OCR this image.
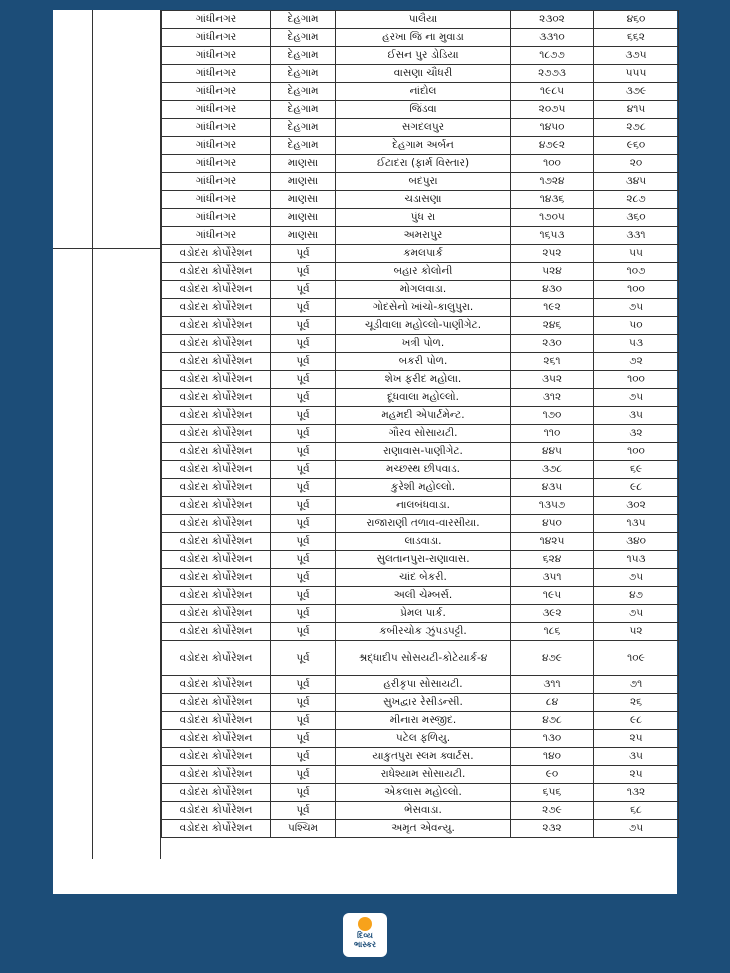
ગાંધીનગર	દેહગામ	પાલૈયા	૨૩૦૨	૪૬૦
ગાંધીનગર	દેહગામ	હરખા જિ ના મુવાડા	૩૩૧૦	૬૬૨
ગાંધીનગર	દેહગામ	ઈસન પુર ડોડિયા	૧૮૭૭	૩૭૫
ગાંધીનગર	દેહગામ	વાસણા ચૌધરી	૨૭૭૩	૫૫૫
ગાંધીનગર	દેહગામ	નાંદોલ	૧૯૮૫	૩૭૯
ગાંધીનગર	દેહગામ	જિંડવા	૨૦૭૫	૪૧૫
ગાંધીનગર	દેહગામ	સગદલપુર	૧૪૫૦	૨૭૮
ગાંધીનગર	દેહગામ	દેહગામ અર્બન	૪૭૯૨	૯૬૦
ગાંધીનગર	માણસા	ઈટાદરા (ફાર્મ વિસ્તાર)	૧૦૦	૨૦
ગાંધીનગર	માણસા	બદપુરા	૧૭૨૪	૩૪૫
ગાંધીનગર	માણસા	ચડાસણા	૧૪૩૬	૨૮૭
ગાંધીનગર	માણસા	પુંધ રા	૧૭૦૫	૩૬૦
ગાંધીનગર	માણસા	અમરાપુર	૧૬૫૩	૩૩૧
વડોદરા કોર્પોરેશન	પૂર્વ	કમલપાર્ક	૨૫૨	૫૫
વડોદરા કોર્પોરેશન	પૂર્વ	બહાર કોલોની	૫૨૪	૧૦૭
વડોદરા કોર્પોરેશન	પૂર્વ	મોગલવાડા.	૪૩૦	૧૦૦
વડોદરા કોર્પોરેશન	પૂર્વ	ગોદસેનો ખાંચો-કાલુપુરા.	૧૯૨	૭૫
વડોદરા કોર્પોરેશન	પૂર્વ	ચૂડીવાલા મહોલ્લો-પાણીગેટ.	૨૪૬	૫૦
વડોદરા કોર્પોરેશન	પૂર્વ	ખત્રી પોળ.	૨૩૦	૫૩
વડોદરા કોર્પોરેશન	પૂર્વ	બકરી પોળ.	૨૬૧	૭૨
વડોદરા કોર્પોરેશન	પૂર્વ	શેખ ફરીદ મહોલા.	૩૫૨	૧૦૦
વડોદરા કોર્પોરેશન	પૂર્વ	દૂધવાલા મહોલ્લો.	૩૧૨	૭૫
વડોદરા કોર્પોરેશન	પૂર્વ	મહમદી એપાર્ટમેન્ટ.	૧૭૦	૩૫
વડોદરા કોર્પોરેશન	પૂર્વ	ગૌરવ સોસાયટી.	૧૧૦	૩૨
વડોદરા કોર્પોરેશન	પૂર્વ	રાણાવાસ-પાણીગેટ.	૪૪૫	૧૦૦
વડોદરા કોર્પોરેશન	પૂર્વ	મચ્છસ્થ છીપવાડ.	૩૭૮	૬૯
વડોદરા કોર્પોરેશન	પૂર્વ	કુરેશી મહોલ્લો.	૪૩૫	૯૮
વડોદરા કોર્પોરેશન	પૂર્વ	નાલબંધવાડા.	૧૩૫૭	૩૦૨
વડોદરા કોર્પોરેશન	પૂર્વ	રાજારાણી તળાવ-વારસીયા.	૪૫૦	૧૩૫
વડોદરા કોર્પોરેશન	પૂર્વ	લાડવાડા.	૧૪૨૫	૩૪૦
વડોદરા કોર્પોરેશન	પૂર્વ	સુલતાનપુરા-રાણાવાસ.	૬૨૪	૧૫૩
વડોદરા કોર્પોરેશન	પૂર્વ	ચાંદ બેકરી.	૩૫૧	૭૫
વડોદરા કોર્પોરેશન	પૂર્વ	અલી ચેમ્બર્સ.	૧૯૫	૪૭
વડોદરા કોર્પોરેશન	પૂર્વ	પ્રેમલ પાર્ક.	૩૯૨	૭૫
વડોદરા કોર્પોરેશન	પૂર્વ	કબીરચોક ઝુંપડપટ્ટી.	૧૮૬	૫૨
વડોદરા કોર્પોરેશન	પૂર્વ	શ્રદ્ધાદીપ સોસયટી-કોટેયાર્ક-૪	૪૭૯	૧૦૯
વડોદરા કોર્પોરેશન	પૂર્વ	હરીકૃપા સોસાયટી.	૩૧૧	૭૧
વડોદરા કોર્પોરેશન	પૂર્વ	સુખદ્વાર રેસીડન્સી.	૮૪	૨૬
વડોદરા કોર્પોરેશન	પૂર્વ	મીનારા મસ્જીદ.	૪૭૮	૯૮
વડોદરા કોર્પોરેશન	પૂર્વ	પટેલ ફળિયુ.	૧૩૦	૨૫
વડોદરા કોર્પોરેશન	પૂર્વ	યાકુતપુરા સ્લમ ક્વાર્ટસ.	૧૪૦	૩૫
વડોદરા કોર્પોરેશન	પૂર્વ	રાધેશ્યામ સોસાયટી.	૯૦	૨૫
વડોદરા કોર્પોરેશન	પૂર્વ	એકલાસ મહોલ્લો.	૬૫૬	૧૩૨
વડોદરા કોર્પોરેશન	પૂર્વ	ભેસવાડા.	૨૭૯	૬૮
વડોદરા કોર્પોરેશન	પશ્ચિમ	અમૃત એવન્યુ.	૨૩૨	૭૫
દિવ્ય
ભાસ્કર
